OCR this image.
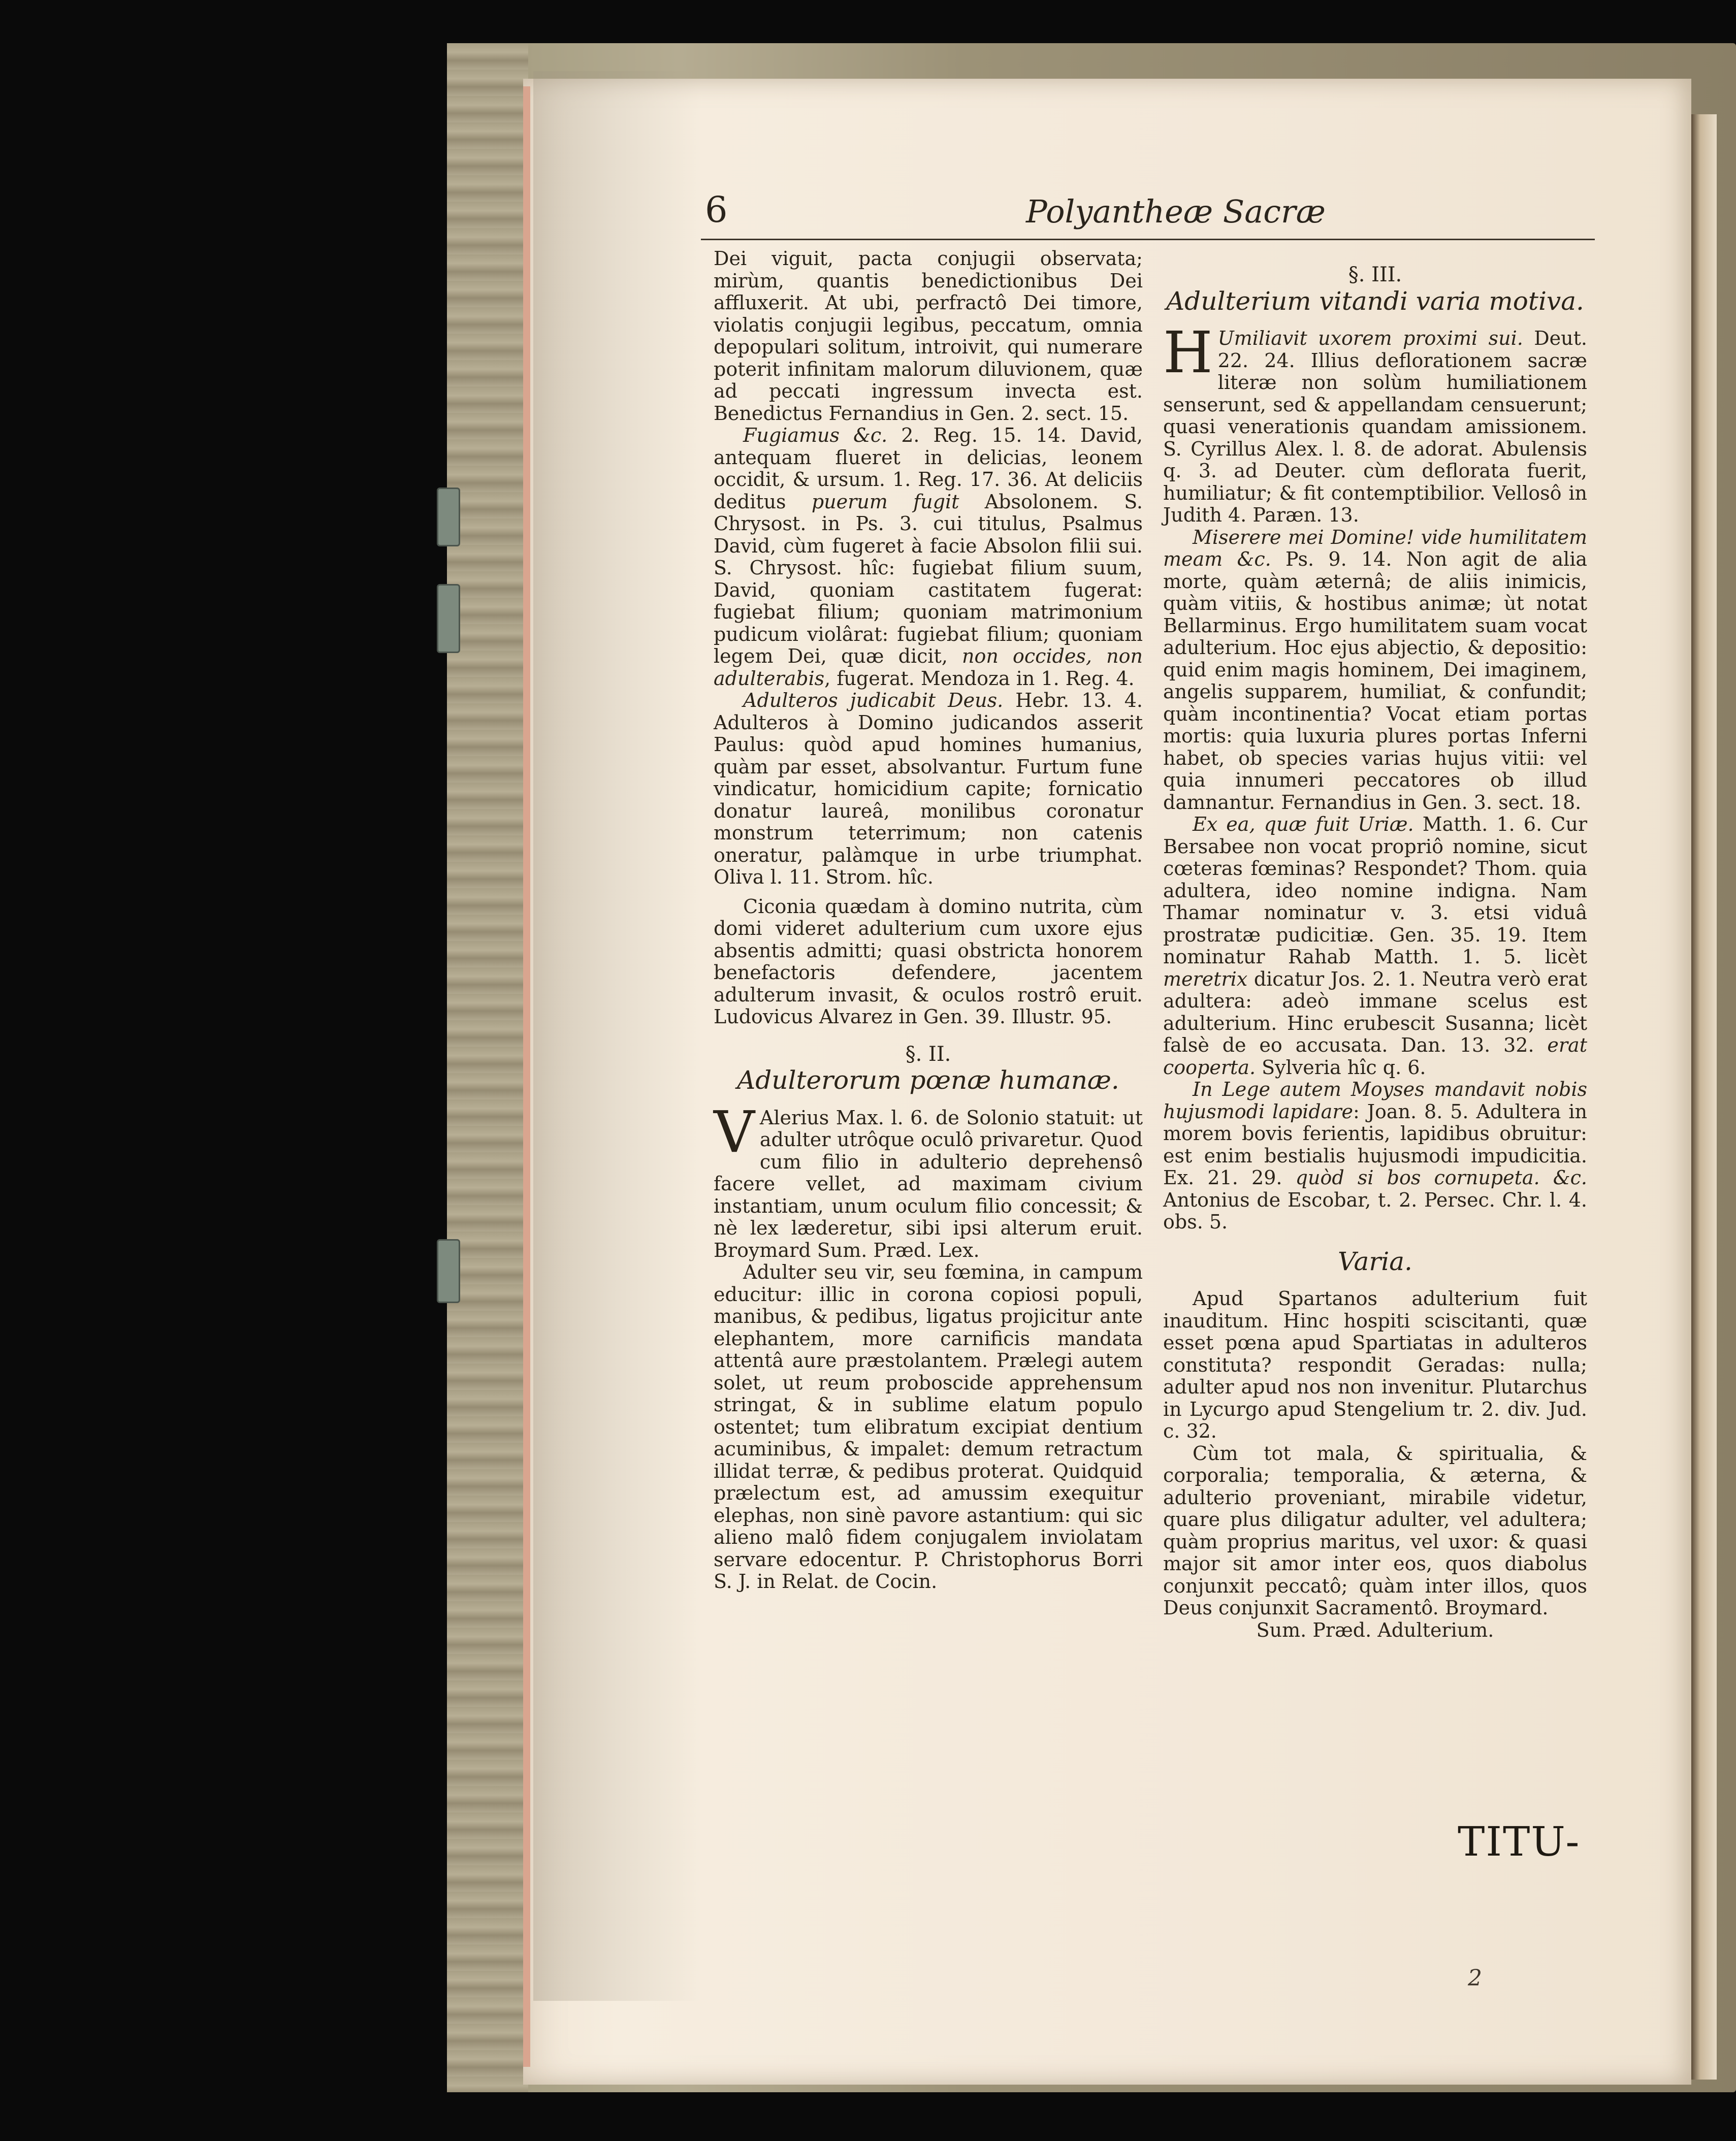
6	Polyantheæ Sacræ

Dei viguit, pacta conjugii observata; mirùm, quantis benedictionibus Dei affluxerit. At ubi, perfractô Dei timore, violatis conjugii legibus, peccatum, omnia depopulari solitum, introivit, qui numerare poterit infinitam malorum diluvionem, quæ ad peccati ingressum invecta est. Benedictus Fernandius in Gen. 2. sect. 15.

Fugiamus &c. 2. Reg. 15. 14. David, antequam flueret in delicias, leonem occidit, & ursum. 1. Reg. 17. 36. At deliciis deditus puerum fugit Absolonem. S. Chrysost. in Ps. 3. cui titulus, Psalmus David, cùm fugeret à facie Absolon filii sui. S. Chrysost. hîc: fugiebat filium suum, David, quoniam castitatem fugerat: fugiebat filium; quoniam matrimonium pudicum violârat: fugiebat filium; quoniam legem Dei, quæ dicit, non occides, non adulterabis, fugerat. Mendoza in 1. Reg. 4.

Adulteros judicabit Deus. Hebr. 13. 4. Adulteros à Domino judicandos asserit Paulus: quòd apud homines humanius, quàm par esset, absolvantur. Furtum fune vindicatur, homicidium capite; fornicatio donatur laureâ, monilibus coronatur monstrum teterrimum; non catenis oneratur, palàmque in urbe triumphat. Oliva l. 11. Strom. hîc.

Ciconia quædam à domino nutrita, cùm domi videret adulterium cum uxore ejus absentis admitti; quasi obstricta honorem benefactoris defendere, jacentem adulterum invasit, & oculos rostrô eruit. Ludovicus Alvarez in Gen. 39. Illustr. 95.

§. II.
Adulterorum pœnæ humanæ.

V Alerius Max. l. 6. de Solonio statuit: ut adulter utrôque oculô privaretur. Quod cum filio in adulterio deprehensô facere vellet, ad maximam civium instantiam, unum oculum filio concessit; & nè lex læderetur, sibi ipsi alterum eruit. Broymard Sum. Præd. Lex.

Adulter seu vir, seu fœmina, in campum educitur: illic in corona copiosi populi, manibus, & pedibus, ligatus projicitur ante elephantem, more carnificis mandata attentâ aure præstolantem. Prælegi autem solet, ut reum proboscide apprehensum stringat, & in sublime elatum populo ostentet; tum elibratum excipiat dentium acuminibus, & impalet: demum retractum illidat terræ, & pedibus proterat. Quidquid prælectum est, ad amussim exequitur elephas, non sinè pavore astantium: qui sic alieno malô fidem conjugalem inviolatam servare edocentur. P. Christophorus Borri S. J. in Relat. de Cocin.

§. III.
Adulterium vitandi varia motiva.

H Umiliavit uxorem proximi sui. Deut. 22. 24. Illius deflorationem sacræ literæ non solùm humiliationem senserunt, sed & appellandam censuerunt; quasi venerationis quandam amissionem. S. Cyrillus Alex. l. 8. de adorat. Abulensis q. 3. ad Deuter. cùm deflorata fuerit, humiliatur; & fit contemptibilior. Vellosô in Judith 4. Paræn. 13.

Miserere mei Domine! vide humilitatem meam &c. Ps. 9. 14. Non agit de alia morte, quàm æternâ; de aliis inimicis, quàm vitiis, & hostibus animæ; ùt notat Bellarminus. Ergo humilitatem suam vocat adulterium. Hoc ejus abjectio, & depositio: quid enim magis hominem, Dei imaginem, angelis supparem, humiliat, & confundit; quàm incontinentia? Vocat etiam portas mortis: quia luxuria plures portas Inferni habet, ob species varias hujus vitii: vel quia innumeri peccatores ob illud damnantur. Fernandius in Gen. 3. sect. 18.

Ex ea, quæ fuit Uriæ. Matth. 1. 6. Cur Bersabee non vocat propriô nomine, sicut cœteras fœminas? Respondet? Thom. quia adultera, ideo nomine indigna. Nam Thamar nominatur v. 3. etsi viduâ prostratæ pudicitiæ. Gen. 35. 19. Item nominatur Rahab Matth. 1. 5. licèt meretrix dicatur Jos. 2. 1. Neutra verò erat adultera: adeò immane scelus est adulterium. Hinc erubescit Susanna; licèt falsè de eo accusata. Dan. 13. 32. erat cooperta. Sylveria hîc q. 6.

In Lege autem Moyses mandavit nobis hujusmodi lapidare: Joan. 8. 5. Adultera in morem bovis ferientis, lapidibus obruitur: est enim bestialis hujusmodi impudicitia. Ex. 21. 29. quòd si bos cornupeta. &c. Antonius de Escobar, t. 2. Persec. Chr. l. 4. obs. 5.

Varia.

Apud Spartanos adulterium fuit inauditum. Hinc hospiti sciscitanti, quæ esset pœna apud Spartiatas in adulteros constituta? respondit Geradas: nulla; adulter apud nos non invenitur. Plutarchus in Lycurgo apud Stengelium tr. 2. div. Jud. c. 32.

Cùm tot mala, & spiritualia, & corporalia; temporalia, & æterna, & adulterio proveniant, mirabile videtur, quare plus diligatur adulter, vel adultera; quàm proprius maritus, vel uxor: & quasi major sit amor inter eos, quos diabolus conjunxit peccatô; quàm inter illos, quos Deus conjunxit Sacramentô. Broymard.

Sum. Præd. Adulterium.

TITU-
2
